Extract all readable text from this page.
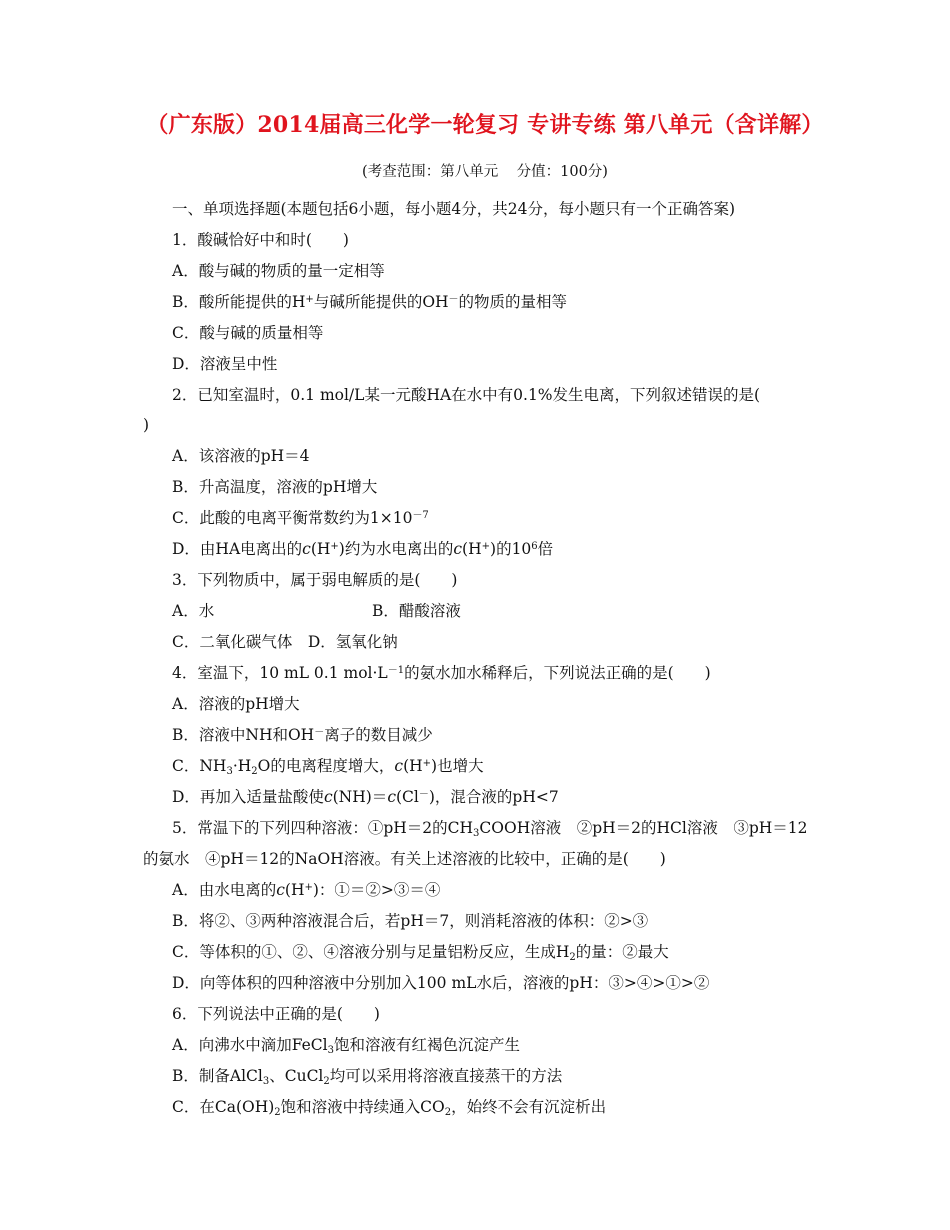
（广东版）2014届高三化学一轮复习 专讲专练 第八单元（含详解）
(考查范围：第八单元    分值：100分)
一、单项选择题(本题包括6小题，每小题4分，共24分，每小题只有一个正确答案)
1．酸碱恰好中和时(　　)
A．酸与碱的物质的量一定相等
B．酸所能提供的H+与碱所能提供的OH－的物质的量相等
C．酸与碱的质量相等
D．溶液呈中性
2．已知室温时，0.1 mol/L某一元酸HA在水中有0.1%发生电离，下列叙述错误的是(
)
A．该溶液的pH＝4
B．升高温度，溶液的pH增大
C．此酸的电离平衡常数约为$1\times 10^{-7}$
D．由HA电离出的c(H+)约为水电离出的c(H+)的$10^6$倍
3．下列物质中，属于弱电解质的是(　　)
A．水	B．醋酸溶液
C．二氧化碳气体　D．氢氧化钠
4．室温下，10 mL 0.1 $mol\cdot L^{-1}$的氨水加水稀释后，下列说法正确的是(　　)
A．溶液的pH增大
B．溶液中NH和OH－离子的数目减少
C．$NH_3\cdot H_2O$的电离程度增大，c(H+)也增大
D．再加入适量盐酸使c(NH)＝c(Cl－)，混合液的pH<7
5．常温下的下列四种溶液：①pH＝2的$CH_3COOH$溶液　②pH＝2的HCl溶液　③pH＝12
的氨水　④pH＝12的NaOH溶液。有关上述溶液的比较中，正确的是(　　)
A．由水电离的c(H+)：①＝②>③＝④
B．将②、③两种溶液混合后，若pH＝7，则消耗溶液的体积：②>③
C．等体积的①、②、④溶液分别与足量铝粉反应，生成$H_2$的量：②最大
D．向等体积的四种溶液中分别加入100 mL水后，溶液的pH：③>④>①>②
6．下列说法中正确的是(　　)
A．向沸水中滴加FeCl$_3$饱和溶液有红褐色沉淀产生
B．制备AlCl$_3$、CuCl$_2$均可以采用将溶液直接蒸干的方法
C．在$Ca(OH)_2$饱和溶液中持续通入$CO_2$，始终不会有沉淀析出
